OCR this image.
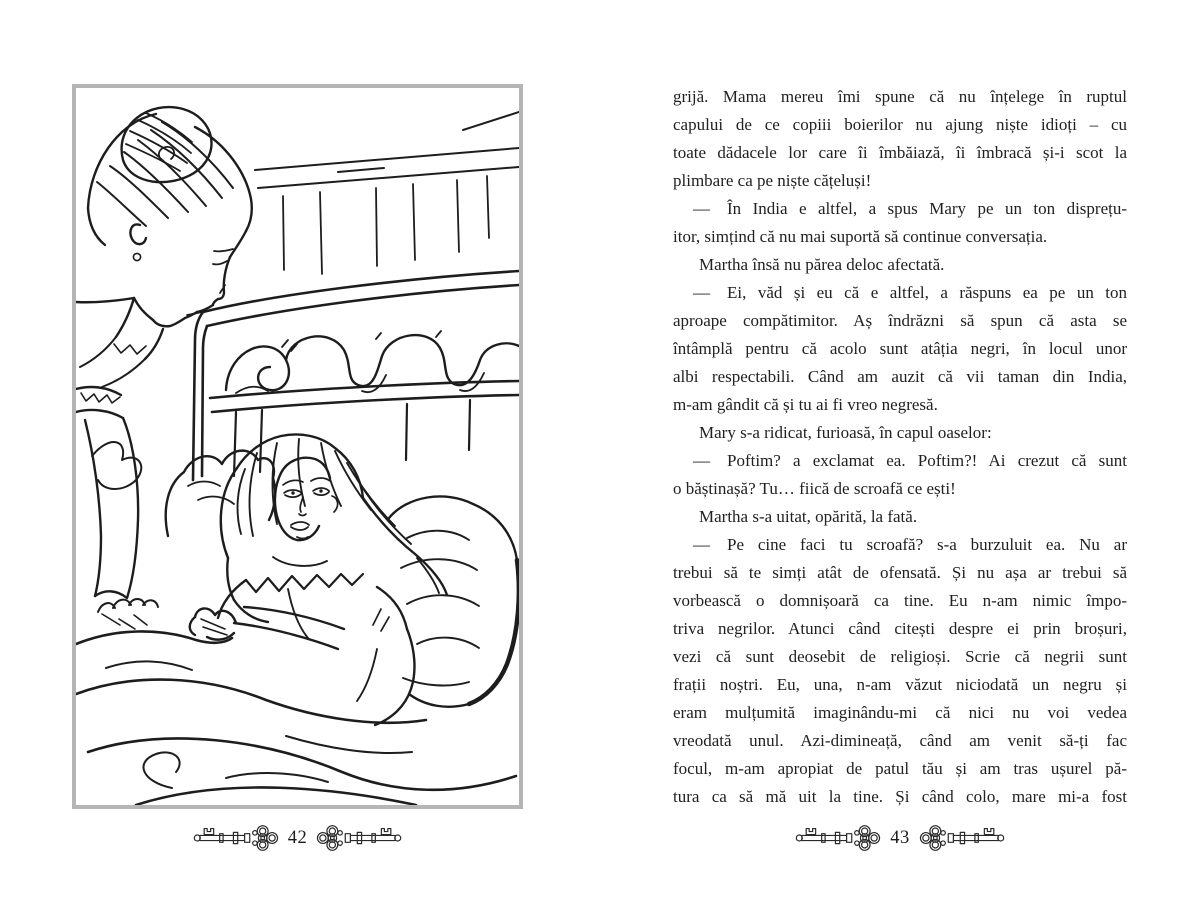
42
grijă. Mama mereu îmi spune că nu înțelege în ruptul
capului de ce copiii boierilor nu ajung niște idioți – cu
toate dădacele lor care îi îmbăiază, îi îmbracă și-i scot la
plimbare ca pe niște cățeluși!
— În India e altfel, a spus Mary pe un ton disprețu-
itor, simțind că nu mai suportă să continue conversația.
Martha însă nu părea deloc afectată.
— Ei, văd și eu că e altfel, a răspuns ea pe un ton
aproape compătimitor. Aș îndrăzni să spun că asta se
întâmplă pentru că acolo sunt atâția negri, în locul unor
albi respectabili. Când am auzit că vii taman din India,
m-am gândit că și tu ai fi vreo negresă.
Mary s-a ridicat, furioasă, în capul oaselor:
— Poftim? a exclamat ea. Poftim?! Ai crezut că sunt
o băștinașă? Tu… fiică de scroafă ce ești!
Martha s-a uitat, opărită, la fată.
— Pe cine faci tu scroafă? s-a burzuluit ea. Nu ar
trebui să te simți atât de ofensată. Și nu așa ar trebui să
vorbească o domnișoară ca tine. Eu n-am nimic împo-
triva negrilor. Atunci când citești despre ei prin broșuri,
vezi că sunt deosebit de religioși. Scrie că negrii sunt
frații noștri. Eu, una, n-am văzut niciodată un negru și
eram mulțumită imaginându-mi că nici nu voi vedea
vreodată unul. Azi-dimineață, când am venit să-ți fac
focul, m-am apropiat de patul tău și am tras ușurel pă-
tura ca să mă uit la tine. Și când colo, mare mi-a fost
43
